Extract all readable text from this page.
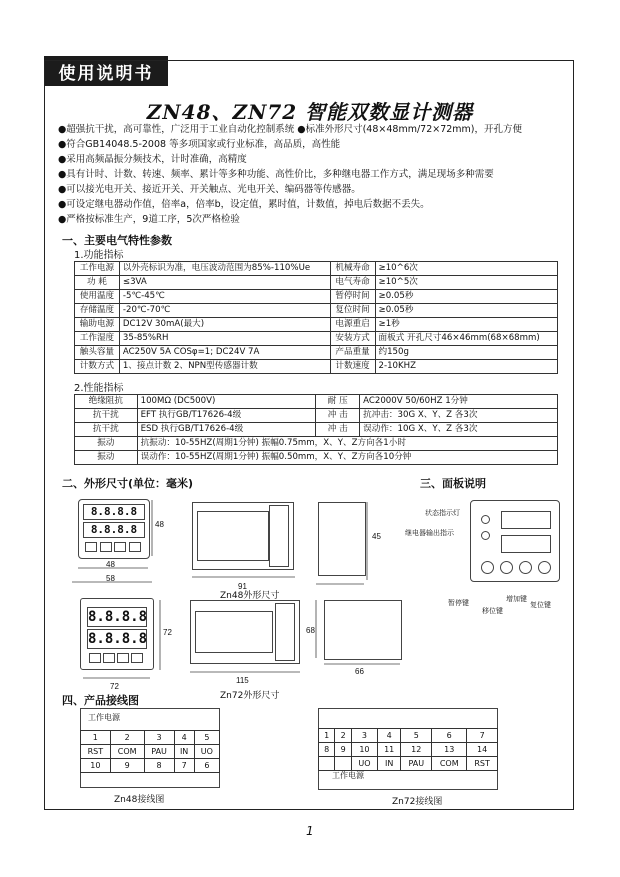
使用说明书
ZN48、ZN72 智能双数显计测器
●超强抗干扰，高可靠性，广泛用于工业自动化控制系统 ●标准外形尺寸(48×48mm/72×72mm)，开孔方便
●符合GB14048.5-2008 等多项国家或行业标准，高品质，高性能
●采用高频晶振分频技术，计时准确，高精度
●具有计时、计数、转速、频率、累计等多种功能、高性价比，多种继电器工作方式，满足现场多种需要
●可以接光电开关、接近开关、开关触点、光电开关、编码器等传感器。
●可设定继电器动作值，倍率a，倍率b，设定值，累时值，计数值，掉电后数据不丢失。
●严格按标准生产，9道工序，5次严格检验
一、主要电气特性参数
1.功能指标
工作电源	以外壳标识为准，电压波动范围为85%-110%Ue	机械寿命	≥10^6次
功 耗	≤3VA	电气寿命	≥10^5次
使用温度	-5℃-45℃	暂停时间	≥0.05秒
存储温度	-20℃-70℃	复位时间	≥0.05秒
输助电源	DC12V 30mA(最大)	电源重启	≥1秒
工作湿度	35-85%RH	安装方式	面板式 开孔尺寸46×46mm(68×68mm)
触头容量	AC250V 5A COSφ=1; DC24V 7A	产品重量	约150g
计数方式	1、接点计数 2、NPN型传感器计数	计数速度	2-10KHZ
2.性能指标
绝缘阻抗	100MΩ (DC500V)	耐 压	AC2000V 50/60HZ 1分钟
抗干扰	EFT 执行GB/T17626-4级	冲 击	抗冲击：30G X、Y、Z 各3次
抗干扰	ESD 执行GB/T17626-4级	冲 击	误动作：10G X、Y、Z 各3次
振动	抗振动：10-55HZ(周期1分钟) 振幅0.75mm，X、Y、Z方向各1小时		
振动	误动作：10-55HZ(周期1分钟) 振幅0.50mm，X、Y、Z方向各10分钟		
二、外形尺寸(单位：毫米)	三、面板说明
8.8.8.8
8.8.8.8	48
48
58
91
Zn48外形尺寸
45
8.8.8.8
8.8.8.8 72
72
115
Zn72外形尺寸
68
66
状态指示灯
继电器输出指示
暂停键
移位键
增加键
复位键
四、产品接线图
工作电源
1	2	3	4	5
RST	COM	PAU	IN	UO
10	9	8	7	6
Zn48接线图
1	2	3	4	5	6	7
8	9	10	11	12	13	14
		UO	IN	PAU	COM	RST
工作电源
Zn72接线图
1
